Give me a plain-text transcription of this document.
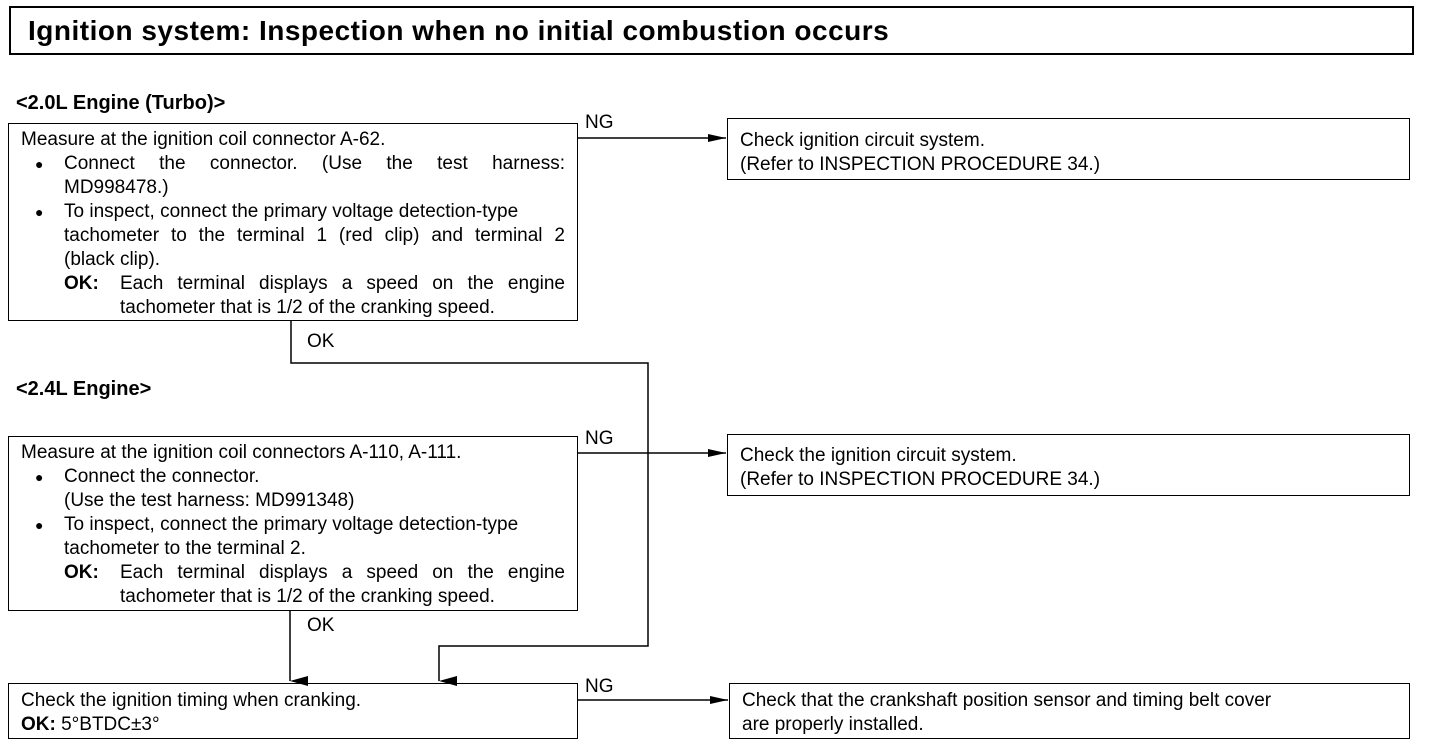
Ignition system: Inspection when no initial combustion occurs
<2.0L Engine (Turbo)>
Measure at the ignition coil connector A-62.
● Connect the connector. (Use the test harness:
MD998478.)
● To inspect, connect the primary voltage detection-type
tachometer to the terminal 1 (red clip) and terminal 2
(black clip).
OK:	Each terminal displays a speed on the engine
tachometer that is 1/2 of the cranking speed.
Check ignition circuit system.
(Refer to INSPECTION PROCEDURE 34.)
<2.4L Engine>
Measure at the ignition coil connectors A-110, A-111.
● Connect the connector.
(Use the test harness: MD991348)
● To inspect, connect the primary voltage detection-type
tachometer to the terminal 2.
OK:	Each terminal displays a speed on the engine
tachometer that is 1/2 of the cranking speed.
Check the ignition circuit system.
(Refer to INSPECTION PROCEDURE 34.)
Check the ignition timing when cranking.
OK: 5°BTDC±3°
Check that the crankshaft position sensor and timing belt cover
are properly installed.
NG
OK
NG
OK
NG
